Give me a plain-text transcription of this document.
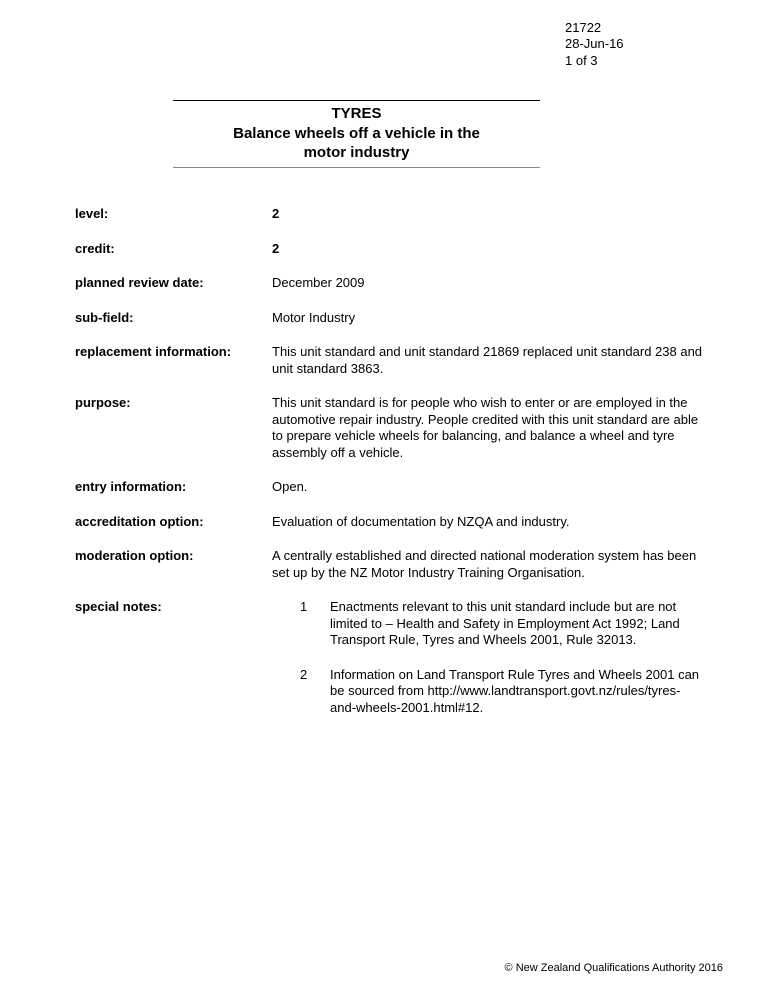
21722
28-Jun-16
1 of 3
TYRES
Balance wheels off a vehicle in the
motor industry
level:	2
credit:	2
planned review date:	December 2009
sub-field:	Motor Industry
replacement information:	This unit standard and unit standard 21869 replaced unit standard 238 and unit standard 3863.
purpose:	This unit standard is for people who wish to enter or are employed in the automotive repair industry. People credited with this unit standard are able to prepare vehicle wheels for balancing, and balance a wheel and tyre assembly off a vehicle.
entry information:	Open.
accreditation option:	Evaluation of documentation by NZQA and industry.
moderation option:	A centrally established and directed national moderation system has been set up by the NZ Motor Industry Training Organisation.
special notes:	1	Enactments relevant to this unit standard include but are not limited to – Health and Safety in Employment Act 1992; Land Transport Rule, Tyres and Wheels 2001, Rule 32013.
2	Information on Land Transport Rule Tyres and Wheels 2001 can be sourced from http://www.landtransport.govt.nz/rules/tyres-and-wheels-2001.html#12.
© New Zealand Qualifications Authority 2016
